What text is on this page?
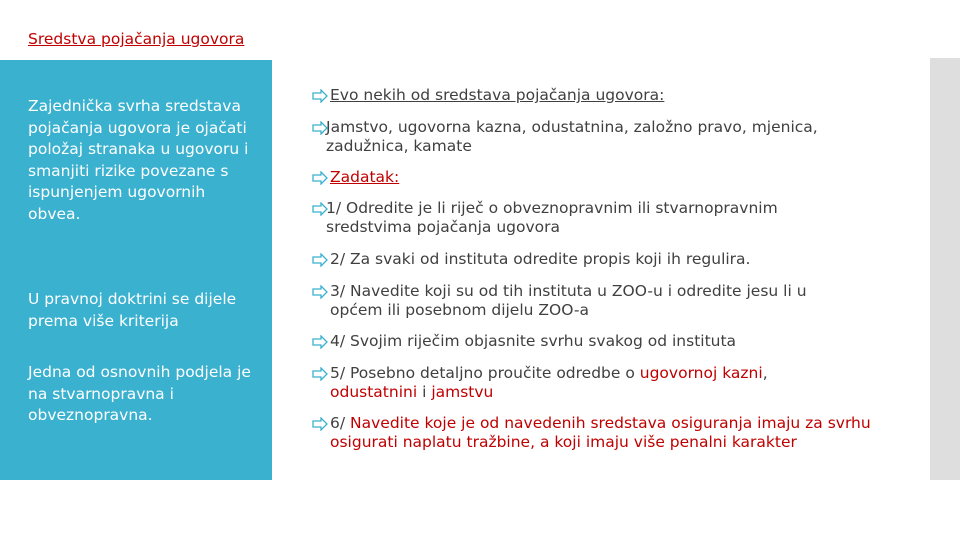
Sredstva pojačanja ugovora

Zajednička svrha sredstava pojačanja ugovora je ojačati položaj stranaka u ugovoru i smanjiti rizike povezane s ispunjenjem ugovornih obvea.

U pravnoj doktrini se dijele prema više kriterija

Jedna od osnovnih podjela je na stvarnopravna i obveznopravna.

Evo nekih od sredstava pojačanja ugovora:
Jamstvo, ugovorna kazna, odustatnina, založno pravo, mjenica, zadužnica, kamate
Zadatak:
1/ Odredite je li riječ o obveznopravnim ili stvarnopravnim sredstvima pojačanja ugovora
2/ Za svaki od instituta odredite propis koji ih regulira.
3/ Navedite koji su od tih instituta u ZOO-u i odredite jesu li u općem ili posebnom dijelu ZOO-a
4/ Svojim riječim objasnite svrhu svakog od instituta
5/ Posebno detaljno proučite odredbe o ugovornoj kazni, odustatnini i jamstvu
6/ Navedite koje je od navedenih sredstava osiguranja imaju za svrhu osigurati naplatu tražbine, a koji imaju više penalni karakter
